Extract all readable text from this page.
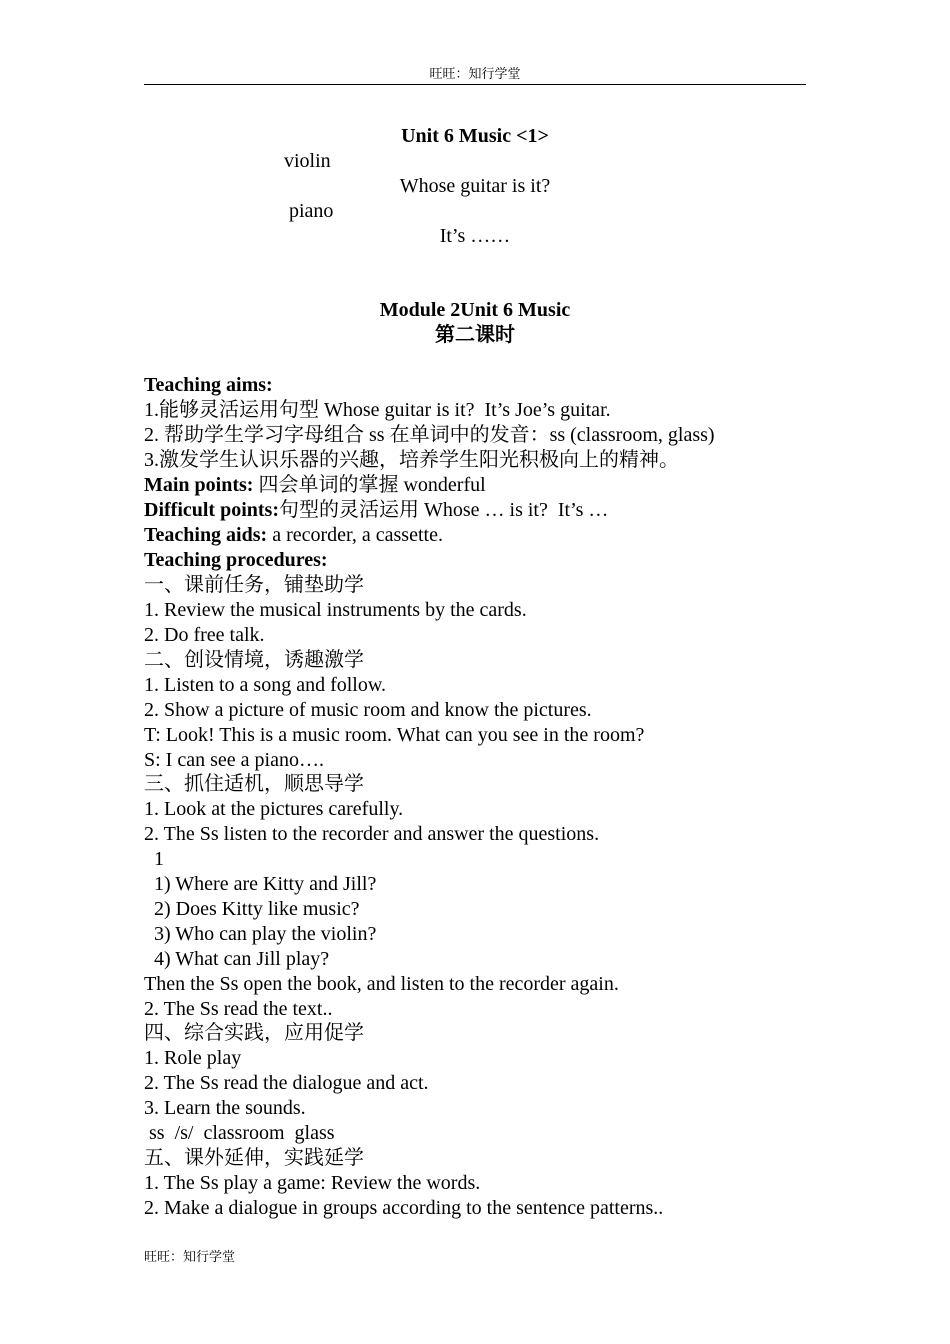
旺旺：知行学堂
Unit 6 Music <1>
violin
Whose guitar is it?
piano
It’s ……
Module 2Unit 6 Music
第二课时
Teaching aims:
1.能够灵活运用句型 Whose guitar is it?  It’s Joe’s guitar.
2. 帮助学生学习字母组合 ss 在单词中的发音：ss (classroom, glass)
3.激发学生认识乐器的兴趣，培养学生阳光积极向上的精神。
Main points: 四会单词的掌握 wonderful
Difficult points:句型的灵活运用 Whose … is it?  It’s …
Teaching aids: a recorder, a cassette.
Teaching procedures:
一、课前任务，铺垫助学
1. Review the musical instruments by the cards.
2. Do free talk.
二、创设情境，诱趣激学
1. Listen to a song and follow.
2. Show a picture of music room and know the pictures.
T: Look! This is a music room. What can you see in the room?
S: I can see a piano….
三、抓住适机，顺思导学
1. Look at the pictures carefully.
2. The Ss listen to the recorder and answer the questions.
1
1) Where are Kitty and Jill?
2) Does Kitty like music?
3) Who can play the violin?
4) What can Jill play?
Then the Ss open the book, and listen to the recorder again.
2. The Ss read the text..
四、综合实践，应用促学
1. Role play
2. The Ss read the dialogue and act.
3. Learn the sounds.
ss  /s/  classroom  glass
五、课外延伸，实践延学
1. The Ss play a game: Review the words.
2. Make a dialogue in groups according to the sentence patterns..
旺旺：知行学堂
